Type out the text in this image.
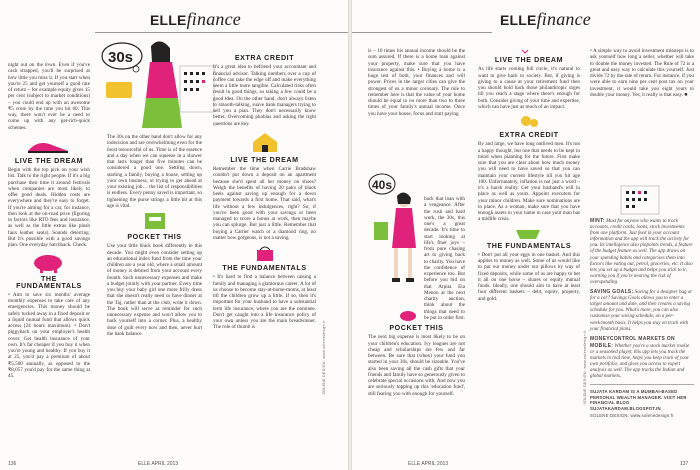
ELLEfinance
30s

night out on the town. Even if you've cash strapped, you'll be surprised at how little you miss it. If you start when you're 25 and get yourself a good rate of return – for example equity gives 15 per cent (subject to market conditions) – you could end up with an awesome ₹5 crore by the time you hit 60. This way, there won't ever be a need to come up with any get-rich-quick schemes.

LIVE THE DREAM

Begin with the top pick on your wish list. Talk to the right people. If it's a big purchase then time it around festivals when companies are most likely to offer good deals. Hidden costs are everywhere and they're easy to forget. If you're aiming for a car, for instance, then look at the on-road price (figuring in factors like RTO fees and insurance, as well as the little extras like plush faux leather seats). Sounds deterring. But it's possible with a good savings plan. One everyday hatchback. Check.

THE FUNDAMENTALS

• Aim to save six months' average monthly expenses to take care of any emergencies. This money should be safely tucked away in a fixed deposit or a liquid mutual fund that allows quick access (24 hours maximum). • Don't piggyback on your employer's health cover. Get health insurance of your own. It's far cheaper if you buy it when you're young and healthy. If you buy it at 25, you'd pay a premium of about ₹5,500 annually, as opposed to the ₹8,057 you'd pay for the same thing at 45.

The 30s on the other hand don't allow for any indecision and are overwhelming even for the most resourceful of us. Time is of the essence and a day when we can squeeze in a shower that lasts longer than five minutes can be considered a good one. Settling down, starting a family, buying a house, setting up your own business, or trying to get ahead at your existing job… the list of responsibilities is endless. Every penny saved is important, so tightening the purse strings a little bit at this age is vital.

POCKET THIS

Use your little black book differently in this decade. You might even consider setting up an educational index fund from the time your children are a year old, where a small amount of money is debited from your account every month. Such unnecessary expenses and make a budget jointly with your partner. Every time you buy your baby girl one more frilly dress that she doesn't really need or have dinner at the Taj, rather than at the club, write it down. The book will serve as reminder for such unnecessary expense and won't allow you to back yourself into a corner. Plus, a healthy dose of guilt every now and then, never hurt the bank balance.

EXTRA CREDIT

It's a great idea to befriend your accountant and financial advisor. Talking numbers over a cup of coffee can take the edge off and make everything seem a little more tangible. Calculated risks often result in good things, so taking a few could be a good idea. On the other hand, don't always listen to smooth-talking, suave bank managers trying to sell you a plan. They don't necessarily know better. Overcoming phobias and asking the right questions are key.

LIVE THE DREAM

Remember the time when Carrie Bradshaw couldn't put down a deposit on an apartment because she'd spent all her money on shoes? Weigh the benefits of having 20 pairs of black heels against saving up enough for a down payment towards a first home. That said, what's life without a few indulgences, right? So, if you've been good with your savings or been managed to score a bonus at work, then maybe you can splurge. But just a little. Remember that buying a Cartier watch or a diamond ring, no matter how gorgeous, is not a saving.

THE FUNDAMENTALS

• It's hard to find a balance between raising a family and managing a glamorous career. A lot of us choose to become stay-at-home-moms, at least till the children grow up a little. If so, then it's important for your husband to have a substantial term life insurance, where you are the nominee. Don't get caught into a life insurance policy of your own unless you are the main breadwinner. The role of thumb is	SOLENE DESIGN: www.solenedesign.fr
136	ELLE APRIL 2013
ELLEfinance

is – 10 times his annual income should be the sum assured. If there is a home loan against your property, make sure that you have insurance against this. • Buying a home is a huge test of both, your finances and will power. Prices in the larger cities can give the strongest of us a minor coronary. The rule to remember here is that the value of your home should be equal to no more than two to three times of your family's annual income. Once you have your house, focus and start paying

40s

back that loan with a vengeance. After the rush and hard work, the 30s, this one's a great decade. It's time to start looking at life's finer joys – from pure chasing art to giving back to charity. You have the confidence of experience too. But before you bid on that Arpita Ela Menon at the next charity auction, think about the things that need to be put in order first.

POCKET THIS

The next big expense is most likely to be on your children's education. Ivy leagues are not cheap and scholarships are few and far between. Be sure that (when) your fund you started in your 30s, should be sizeable. You've also been saving all the cash gifts that your friends and family have so generously given to celebrate special occasions with. And now you are seriously topping up this 'education fund', still fearing you with enough for yourself.

LIVE THE DREAM

As life starts coming full circle, it's natural to want to give back to society. But, if giving is giving to a cause at your retirement fund then you should hold back those philanthropic urges till you reach a stage where there's enough for both. Consider giving of your time and expertise, which can have just as much of an impact.

EXTRA CREDIT

By and large, we have long outlived men. It's not a happy thought, but one that needs to be kept in mind when planning for the future. First make sure that you are clear about how much money you will need to have saved so that you can maintain your current lifestyle till you hit age 100. Unfortunately, inflation is not just a word – it's a harsh reality. Get your husband's will in place as well as yours. Appoint executors for your minor children. Make sure nominations are in place. As a woman, make sure that you have enough assets in your name in case your man has a midlife crisis.

THE FUNDAMENTALS

• Don't put all your eggs in one basket. And this applies to money as well. Some of us would like to put our money under our pillows by way of fixed deposits, while some of us are happy to bet it all on one horse – shares or equity mutual funds. Ideally, one should aim to have at least four different baskets – debt, equity, property, and gold.

• A simple way to avoid investment missteps is to ask yourself how long a seller, whether will take to double the money invested. The Rule of 72 is a great and easy way to calculate this yourself. Just divide 72 by the rate of return. For instance, if you were able to earn nine per cent post tax on your investment, it would take you eight years to double your money. Yes, it really is that easy. ■

MINT: Must for anyone who wants to track accounts, credit cards, loans, stock investments from one platform. Just feed in your account information and the app will track the activity for you. Its intelligence also pinpoints trends, a feature of the budget feature as well. The app draws on your spending habits and categorises them into factors like eating out, petrol, groceries, etc. It also lets you set up a budget and helps you stick to it, warning you if you're nearing the risk of overspending.

SAVING GOALS: Saving for a designer bag or for a car? Savings Goals allows you to enter a target amount and date, and then creates a saving schedule for you. What's more, you can also customise your saving schedule, on a per-week/month basis. It helps you stay on track with your financial plans.

MONEYCONTROL MARKETS ON MOBILE: Whether you're a stock market rookie or a seasoned player, this app lets you track the markets in real time, helps you keep track of your own portfolio, and gives you access to expert analysis as well. The app tracks the Indian and global markets.

SUJATA KARDAM IS A MUMBAI-BASED PERSONAL WEALTH MANAGER. VISIT HER FINANCIAL BLOG SUJATAKARDAM.BLOGSPOT.IN

SOLENE DESIGN: www.solenedesign.fr

SOLENE DESIGN: www.solenedesign.fr
ELLE APRIL 2013	137
